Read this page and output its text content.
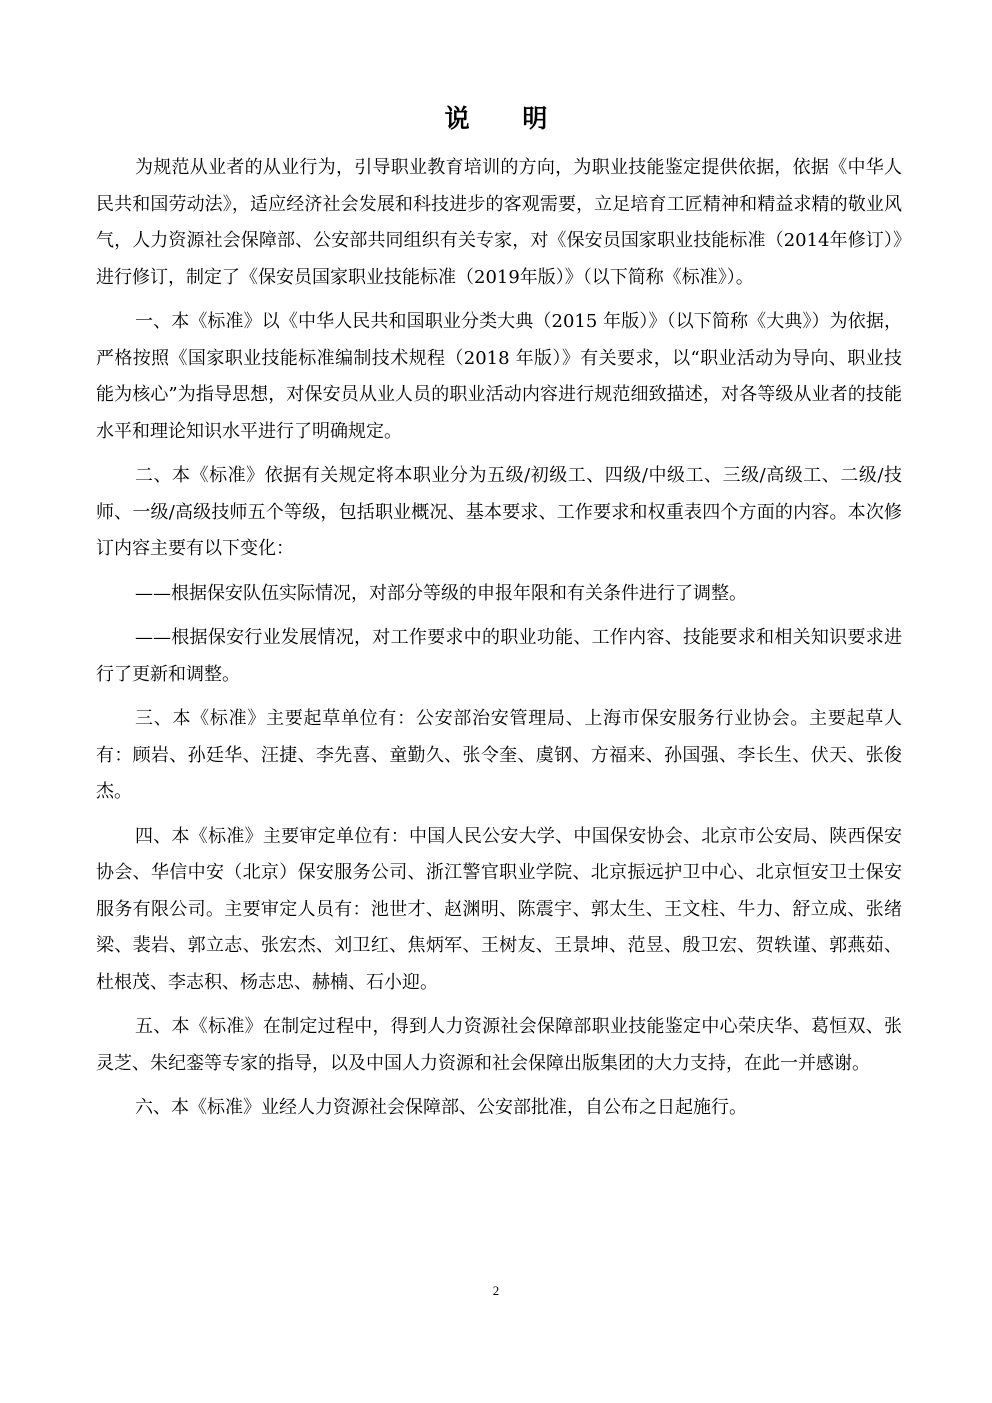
说 明

为规范从业者的从业行为，引导职业教育培训的方向，为职业技能鉴定提供依据，依据《中华人民共和国劳动法》，适应经济社会发展和科技进步的客观需要，立足培育工匠精神和精益求精的敬业风气，人力资源社会保障部、公安部共同组织有关专家，对《保安员国家职业技能标准（2014年修订）》进行修订，制定了《保安员国家职业技能标准（2019年版）》（以下简称《标准》）。

一、本《标准》以《中华人民共和国职业分类大典（2015 年版）》（以下简称《大典》）为依据，严格按照《国家职业技能标准编制技术规程（2018 年版）》有关要求，以“职业活动为导向、职业技能为核心”为指导思想，对保安员从业人员的职业活动内容进行规范细致描述，对各等级从业者的技能水平和理论知识水平进行了明确规定。

二、本《标准》依据有关规定将本职业分为五级/初级工、四级/中级工、三级/高级工、二级/技师、一级/高级技师五个等级，包括职业概况、基本要求、工作要求和权重表四个方面的内容。本次修订内容主要有以下变化：

——根据保安队伍实际情况，对部分等级的申报年限和有关条件进行了调整。

——根据保安行业发展情况，对工作要求中的职业功能、工作内容、技能要求和相关知识要求进行了更新和调整。

三、本《标准》主要起草单位有：公安部治安管理局、上海市保安服务行业协会。主要起草人有：顾岩、孙廷华、汪捷、李先喜、童勤久、张令奎、虞钢、方福来、孙国强、李长生、伏天、张俊杰。

四、本《标准》主要审定单位有：中国人民公安大学、中国保安协会、北京市公安局、陕西保安协会、华信中安（北京）保安服务公司、浙江警官职业学院、北京振远护卫中心、北京恒安卫士保安服务有限公司。主要审定人员有：池世才、赵渊明、陈震宇、郭太生、王文柱、牛力、舒立成、张绪梁、裴岩、郭立志、张宏杰、刘卫红、焦炳军、王树友、王景坤、范昱、殷卫宏、贺轶谨、郭燕茹、杜根茂、李志积、杨志忠、赫楠、石小迎。

五、本《标准》在制定过程中，得到人力资源社会保障部职业技能鉴定中心荣庆华、葛恒双、张灵芝、朱纪銮等专家的指导，以及中国人力资源和社会保障出版集团的大力支持，在此一并感谢。

六、本《标准》业经人力资源社会保障部、公安部批准，自公布之日起施行。

2
